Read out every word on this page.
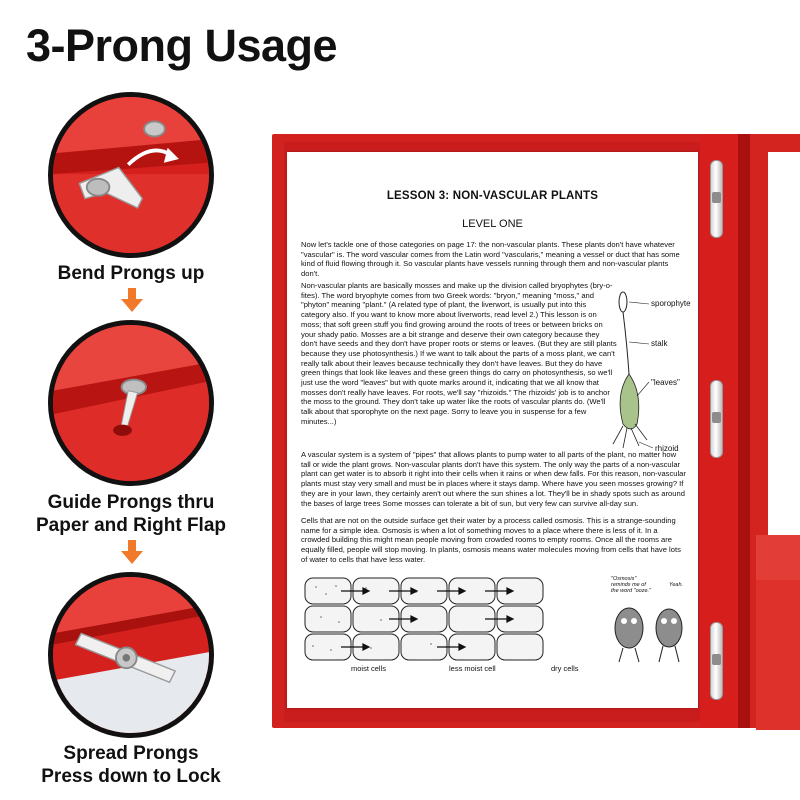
3-Prong Usage
Bend Prongs up
Guide Prongs thru
Paper and Right Flap
Spread Prongs
Press down to Lock
LESSON 3: NON-VASCULAR PLANTS
LEVEL ONE

Now let's tackle one of those categories on page 17: the non-vascular plants. These plants don't have whatever "vascular" is. The word vascular comes from the Latin word "vascularis," meaning a vessel or duct that has some kind of fluid flowing through it. So vascular plants have vessels running through them and non-vascular plants don't.

Non-vascular plants are basically mosses and make up the division called bryophytes (bry-o-fites). The word bryophyte comes from two Greek words: "bryon," meaning "moss," and "phyton" meaning "plant." (A related type of plant, the liverwort, is usually put into this category also. If you want to know more about liverworts, read level 2.) This lesson is on moss; that soft green stuff you find growing around the roots of trees or between bricks on your shady patio. Mosses are a bit strange and deserve their own category because they don't have seeds and they don't have proper roots or stems or leaves. (But they are still plants because they use photosynthesis.) If we want to talk about the parts of a moss plant, we can't really talk about their leaves because technically they don't have leaves. But they do have green things that look like leaves and these green things do carry on photosynthesis, so we'll just use the word "leaves" but with quote marks around it, indicating that we all know that mosses don't really have leaves. For roots, we'll say "rhizoids." The rhizoids' job is to anchor the moss to the ground. They don't take up water like the roots of vascular plants do. (We'll talk about that sporophyte on the next page. Sorry to leave you in suspense for a few minutes...)

A vascular system is a system of "pipes" that allows plants to pump water to all parts of the plant, no matter how tall or wide the plant grows. Non-vascular plants don't have this system. The only way the parts of a non-vascular plant can get water is to absorb it right into their cells when it rains or when dew falls. For this reason, non-vascular plants must stay very small and must be in places where it stays damp. Where have you seen mosses growing? If they are in your lawn, they certainly aren't out where the sun shines a lot. They'll be in shady spots such as around the bases of large trees Some mosses can tolerate a bit of sun, but very few can survive all-day sun.

Cells that are not on the outside surface get their water by a process called osmosis. This is a strange-sounding name for a simple idea. Osmosis is when a lot of something moves to a place where there is less of it. In a crowded building this might mean people moving from crowded rooms to empty rooms. Once all the rooms are equally filled, people will stop moving. In plants, osmosis means water molecules moving from cells that have lots of water to cells that have less water.

sporophyte
stalk
"leaves"
rhizoid
moist cells	less moist cell	dry cells
"Osmosis" reminds me of the word "ooze."
Yeah.
